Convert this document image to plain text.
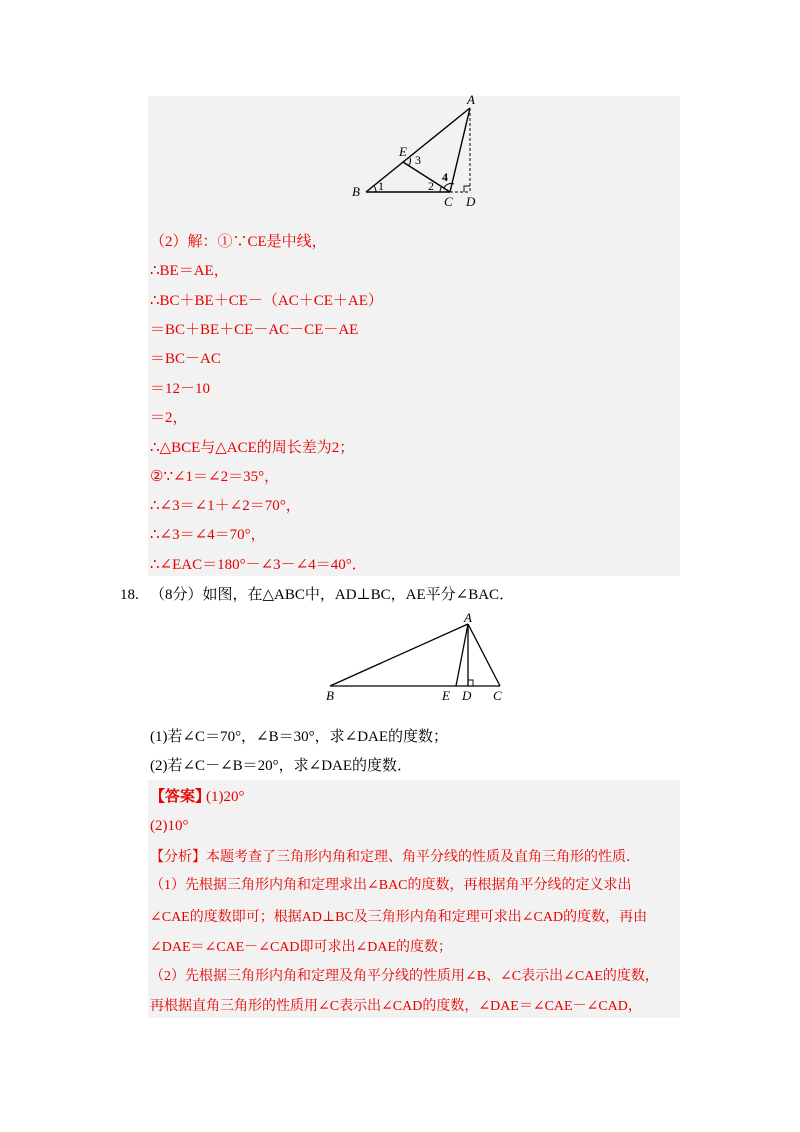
A
E
B
C D
1	2
3
4
（2）解：①∵CE是中线，
∴BE＝AE，
∴BC＋BE＋CE－（AC＋CE＋AE）
＝BC＋BE＋CE－AC－CE－AE
＝BC－AC
＝12－10
＝2，
∴△BCE与△ACE的周长差为2；
②∵∠1＝∠2＝35°，
∴∠3＝∠1＋∠2＝70°，
∴∠3＝∠4＝70°，
∴∠EAC＝180°－∠3－∠4＝40°．
18. （8分）如图，在△ABC中，AD⊥BC，AE平分∠BAC．
A
B	E D C
(1)若∠C＝70°，∠B＝30°，求∠DAE的度数；
(2)若∠C－∠B＝20°，求∠DAE的度数．
【答案】
(1)20°
(2)10°
【分析】本题考查了三角形内角和定理、角平分线的性质及直角三角形的性质．
（1）先根据三角形内角和定理求出∠BAC的度数，再根据角平分线的定义求出
∠CAE的度数即可；根据AD⊥BC及三角形内角和定理可求出∠CAD的度数，再由
∠DAE＝∠CAE－∠CAD即可求出∠DAE的度数；
（2）先根据三角形内角和定理及角平分线的性质用∠B、∠C表示出∠CAE的度数，
再根据直角三角形的性质用∠C表示出∠CAD的度数，∠DAE＝∠CAE－∠CAD，
